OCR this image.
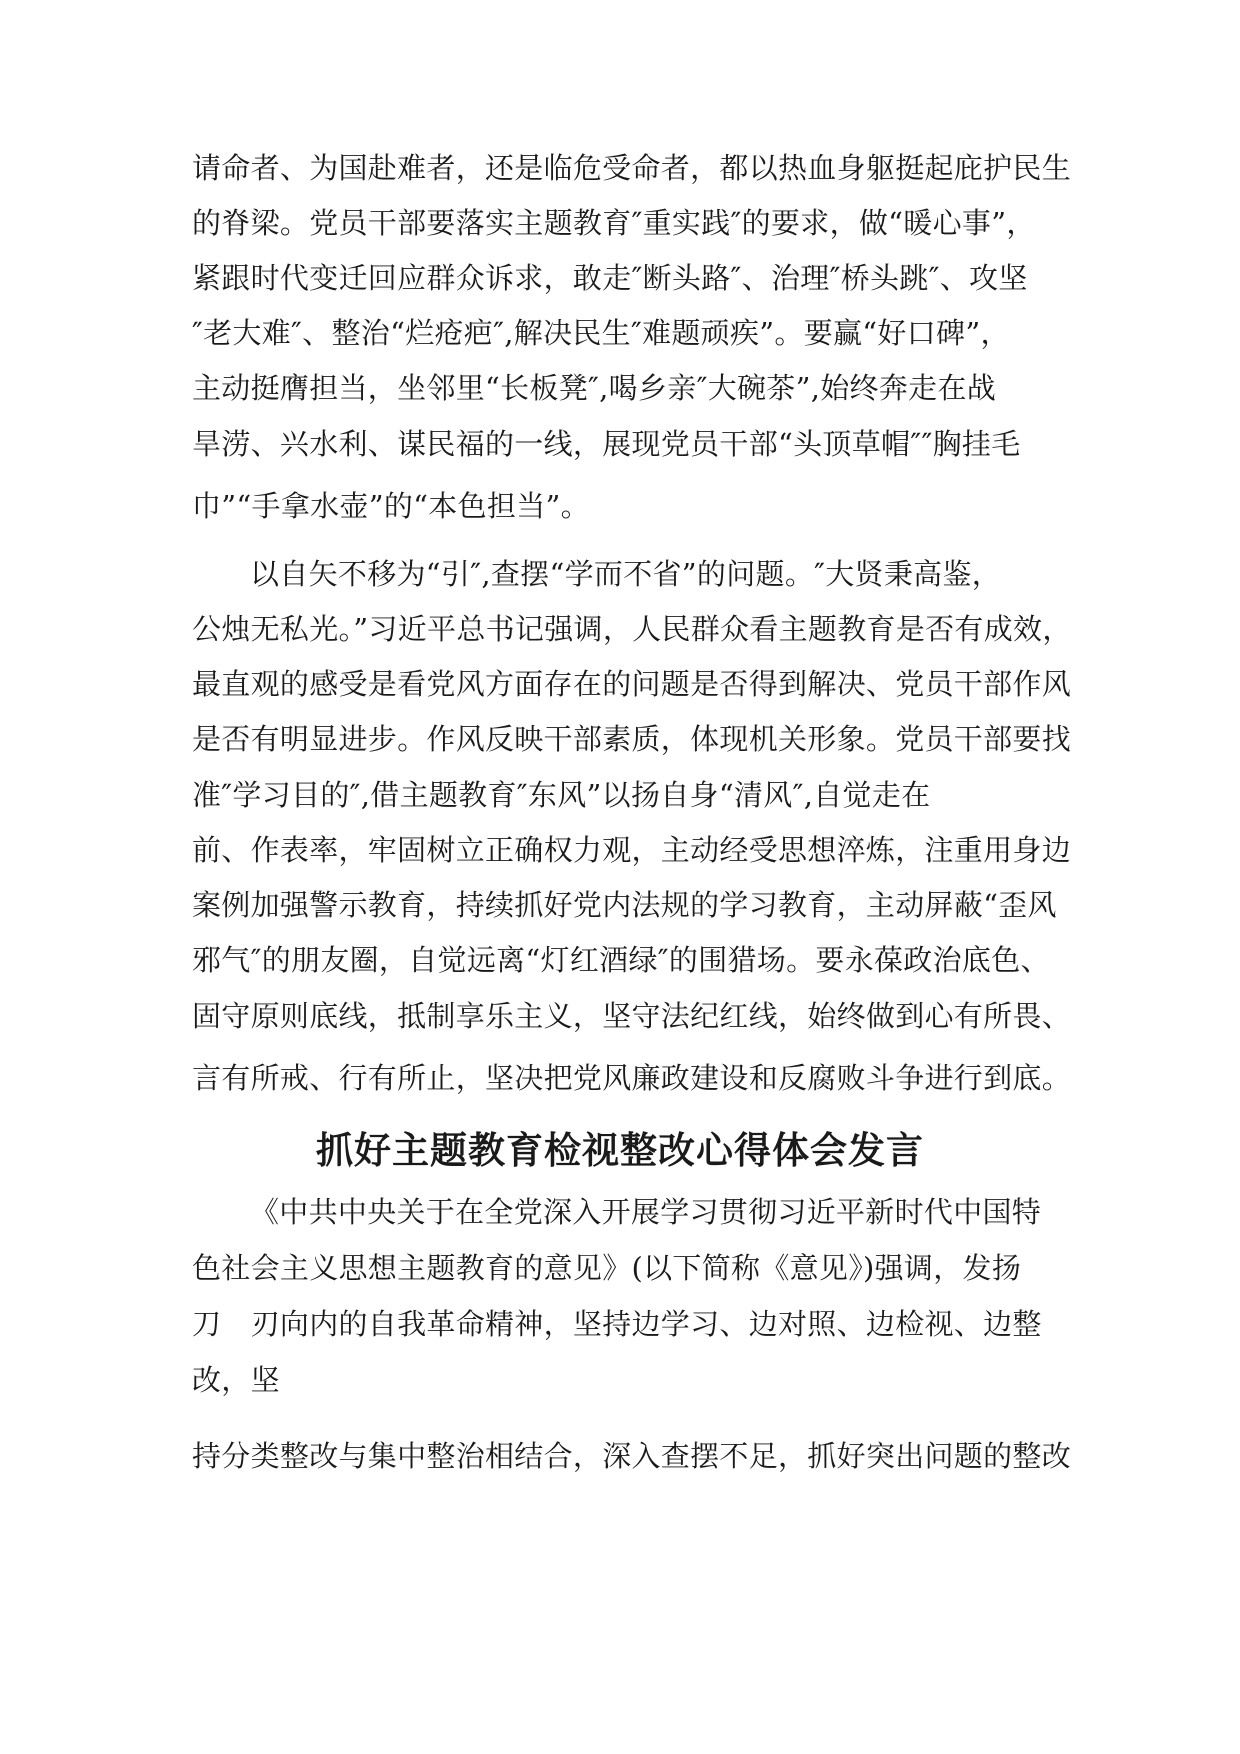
请命者、为国赴难者，还是临危受命者，都以热血身躯挺起庇护民生
的脊梁。党员干部要落实主题教育″重实践″的要求，做“暖心事”，
紧跟时代变迁回应群众诉求，敢走″断头路″、治理″桥头跳″、攻坚
″老大难″、整治“烂疮疤″,解决民生″难题顽疾”。要赢“好口碑”，
主动挺膺担当，坐邻里“长板凳″,喝乡亲″大碗茶”,始终奔走在战
旱涝、兴水利、谋民福的一线，展现党员干部“头顶草帽″″胸挂毛
巾”“手拿水壶”的“本色担当”。
以自矢不移为“引″,查摆“学而不省”的问题。″大贤秉高鉴，
公烛无私光。”习近平总书记强调，人民群众看主题教育是否有成效，
最直观的感受是看党风方面存在的问题是否得到解决、党员干部作风
是否有明显进步。作风反映干部素质，体现机关形象。党员干部要找
准″学习目的″,借主题教育″东风”以扬自身“清风″,自觉走在
前、作表率，牢固树立正确权力观，主动经受思想淬炼，注重用身边
案例加强警示教育，持续抓好党内法规的学习教育，主动屏蔽“歪风
邪气″的朋友圈，自觉远离“灯红酒绿″的围猎场。要永葆政治底色、
固守原则底线，抵制享乐主义，坚守法纪红线，始终做到心有所畏、
言有所戒、行有所止，坚决把党风廉政建设和反腐败斗争进行到底。
抓好主题教育检视整改心得体会发言
《中共中央关于在全党深入开展学习贯彻习近平新时代中国特
色社会主义思想主题教育的意见》(以下简称《意见》)强调，发扬
刀　刃向内的自我革命精神，坚持边学习、边对照、边检视、边整
改，坚
持分类整改与集中整治相结合，深入查摆不足，抓好突出问题的整改
